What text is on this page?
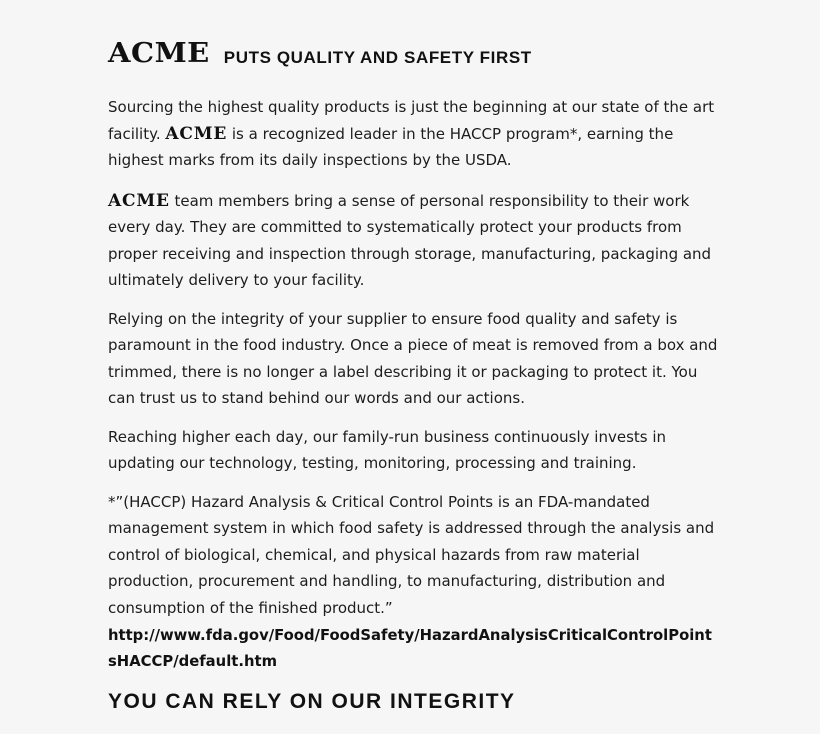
ACME PUTS QUALITY AND SAFETY FIRST

Sourcing the highest quality products is just the beginning at our state of the art facility. ACME is a recognized leader in the HACCP program*, earning the highest marks from its daily inspections by the USDA.

ACME team members bring a sense of personal responsibility to their work every day. They are committed to systematically protect your products from proper receiving and inspection through storage, manufacturing, packaging and ultimately delivery to your facility.

Relying on the integrity of your supplier to ensure food quality and safety is paramount in the food industry. Once a piece of meat is removed from a box and trimmed, there is no longer a label describing it or packaging to protect it. You can trust us to stand behind our words and our actions.

Reaching higher each day, our family-run business continuously invests in updating our technology, testing, monitoring, processing and training.

*”(HACCP) Hazard Analysis & Critical Control Points is an FDA-mandated management system in which food safety is addressed through the analysis and control of biological, chemical, and physical hazards from raw material production, procurement and handling, to manufacturing, distribution and consumption of the finished product.”

http://www.fda.gov/Food/FoodSafety/HazardAnalysisCriticalControlPointsHACCP/default.htm

YOU CAN RELY ON OUR INTEGRITY
